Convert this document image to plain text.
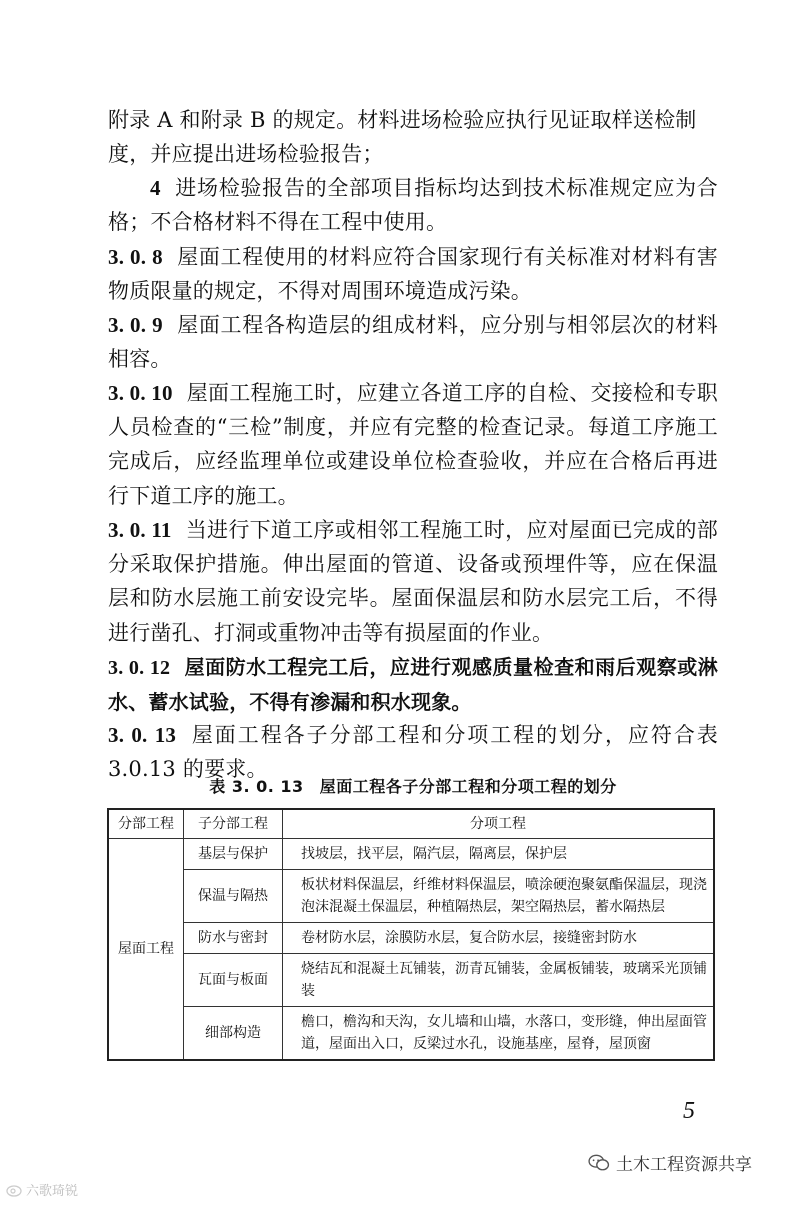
附录 A 和附录 B 的规定。材料进场检验应执行见证取样送检制
度，并应提出进场检验报告；
4 进场检验报告的全部项目指标均达到技术标准规定应为合格；不合格材料不得在工程中使用。
3. 0. 8 屋面工程使用的材料应符合国家现行有关标准对材料有害物质限量的规定，不得对周围环境造成污染。
3. 0. 9 屋面工程各构造层的组成材料，应分别与相邻层次的材料相容。
3. 0. 10 屋面工程施工时，应建立各道工序的自检、交接检和专职人员检查的“三检”制度，并应有完整的检查记录。每道工序施工完成后，应经监理单位或建设单位检查验收，并应在合格后再进行下道工序的施工。
3. 0. 11 当进行下道工序或相邻工程施工时，应对屋面已完成的部分采取保护措施。伸出屋面的管道、设备或预埋件等，应在保温层和防水层施工前安设完毕。屋面保温层和防水层完工后，不得进行凿孔、打洞或重物冲击等有损屋面的作业。
3. 0. 12 屋面防水工程完工后，应进行观感质量检查和雨后观察或淋水、蓄水试验，不得有渗漏和积水现象。
3. 0. 13 屋面工程各子分部工程和分项工程的划分，应符合表 3.0.13 的要求。
表 3. 0. 13 屋面工程各子分部工程和分项工程的划分
分部工程	子分部工程	分项工程
屋面工程	基层与保护	找坡层，找平层，隔汽层，隔离层，保护层
	保温与隔热	板状材料保温层，纤维材料保温层，喷涂硬泡聚氨酯保温层，现浇泡沫混凝土保温层，种植隔热层，架空隔热层，蓄水隔热层
	防水与密封	卷材防水层，涂膜防水层，复合防水层，接缝密封防水
	瓦面与板面	烧结瓦和混凝土瓦铺装，沥青瓦铺装，金属板铺装，玻璃采光顶铺装
	细部构造	檐口，檐沟和天沟，女儿墙和山墙，水落口，变形缝，伸出屋面管道，屋面出入口，反梁过水孔，设施基座，屋脊，屋顶窗
5
土木工程资源共享
六歌琦锐
